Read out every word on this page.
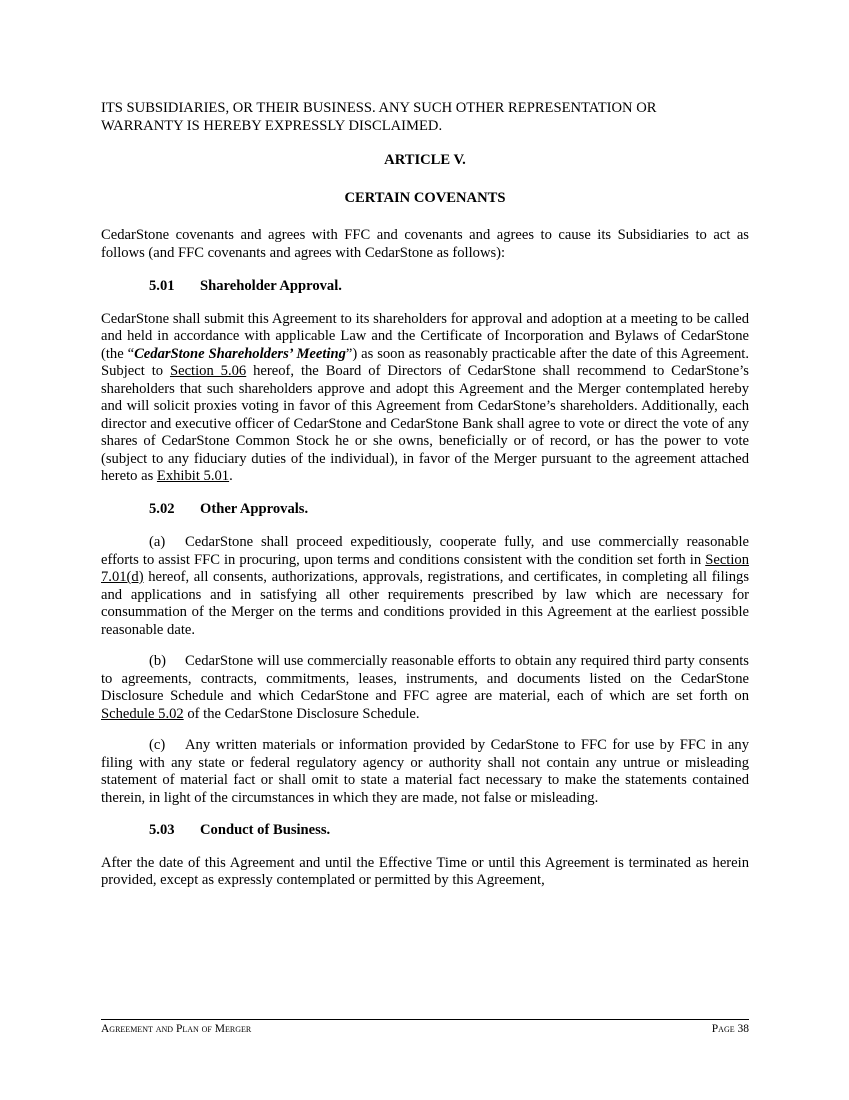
ITS SUBSIDIARIES, OR THEIR BUSINESS. ANY SUCH OTHER REPRESENTATION OR
WARRANTY IS HEREBY EXPRESSLY DISCLAIMED.

ARTICLE V.

CERTAIN COVENANTS

CedarStone covenants and agrees with FFC and covenants and agrees to cause its Subsidiaries to act as follows (and FFC covenants and agrees with CedarStone as follows):

5.01 Shareholder Approval.

CedarStone shall submit this Agreement to its shareholders for approval and adoption at a meeting to be called and held in accordance with applicable Law and the Certificate of Incorporation and Bylaws of CedarStone (the “CedarStone Shareholders’ Meeting”) as soon as reasonably practicable after the date of this Agreement. Subject to Section 5.06 hereof, the Board of Directors of CedarStone shall recommend to CedarStone’s shareholders that such shareholders approve and adopt this Agreement and the Merger contemplated hereby and will solicit proxies voting in favor of this Agreement from CedarStone’s shareholders. Additionally, each director and executive officer of CedarStone and CedarStone Bank shall agree to vote or direct the vote of any shares of CedarStone Common Stock he or she owns, beneficially or of record, or has the power to vote (subject to any fiduciary duties of the individual), in favor of the Merger pursuant to the agreement attached hereto as Exhibit 5.01.

5.02 Other Approvals.

(a) CedarStone shall proceed expeditiously, cooperate fully, and use commercially reasonable efforts to assist FFC in procuring, upon terms and conditions consistent with the condition set forth in Section 7.01(d) hereof, all consents, authorizations, approvals, registrations, and certificates, in completing all filings and applications and in satisfying all other requirements prescribed by law which are necessary for consummation of the Merger on the terms and conditions provided in this Agreement at the earliest possible reasonable date.

(b) CedarStone will use commercially reasonable efforts to obtain any required third party consents to agreements, contracts, commitments, leases, instruments, and documents listed on the CedarStone Disclosure Schedule and which CedarStone and FFC agree are material, each of which are set forth on Schedule 5.02 of the CedarStone Disclosure Schedule.

(c) Any written materials or information provided by CedarStone to FFC for use by FFC in any filing with any state or federal regulatory agency or authority shall not contain any untrue or misleading statement of material fact or shall omit to state a material fact necessary to make the statements contained therein, in light of the circumstances in which they are made, not false or misleading.

5.03 Conduct of Business.

After the date of this Agreement and until the Effective Time or until this Agreement is terminated as herein provided, except as expressly contemplated or permitted by this Agreement,

Agreement and Plan of Merger	Page 38
